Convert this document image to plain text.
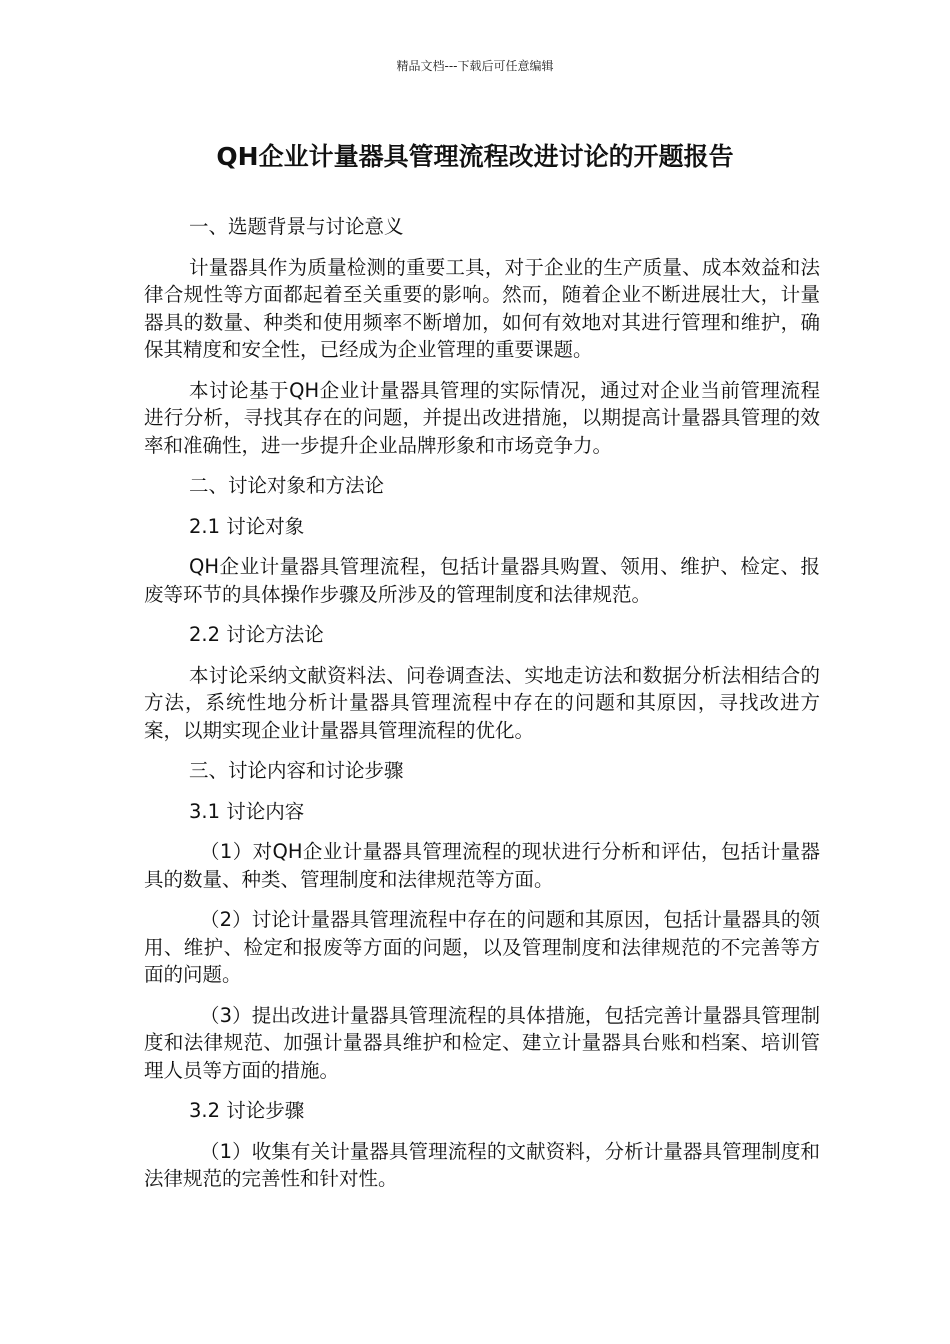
精品文档---下载后可任意编辑
QH企业计量器具管理流程改进讨论的开题报告

一、选题背景与讨论意义

计量器具作为质量检测的重要工具，对于企业的生产质量、成本效益和法律合规性等方面都起着至关重要的影响。然而，随着企业不断进展壮大，计量器具的数量、种类和使用频率不断增加，如何有效地对其进行管理和维护，确保其精度和安全性，已经成为企业管理的重要课题。

本讨论基于QH企业计量器具管理的实际情况，通过对企业当前管理流程进行分析，寻找其存在的问题，并提出改进措施，以期提高计量器具管理的效率和准确性，进一步提升企业品牌形象和市场竞争力。

二、讨论对象和方法论

2.1 讨论对象

QH企业计量器具管理流程，包括计量器具购置、领用、维护、检定、报废等环节的具体操作步骤及所涉及的管理制度和法律规范。

2.2 讨论方法论

本讨论采纳文献资料法、问卷调查法、实地走访法和数据分析法相结合的方法，系统性地分析计量器具管理流程中存在的问题和其原因，寻找改进方案，以期实现企业计量器具管理流程的优化。

三、讨论内容和讨论步骤

3.1 讨论内容

（1）对QH企业计量器具管理流程的现状进行分析和评估，包括计量器具的数量、种类、管理制度和法律规范等方面。

（2）讨论计量器具管理流程中存在的问题和其原因，包括计量器具的领用、维护、检定和报废等方面的问题，以及管理制度和法律规范的不完善等方面的问题。

（3）提出改进计量器具管理流程的具体措施，包括完善计量器具管理制度和法律规范、加强计量器具维护和检定、建立计量器具台账和档案、培训管理人员等方面的措施。

3.2 讨论步骤

（1）收集有关计量器具管理流程的文献资料，分析计量器具管理制度和法律规范的完善性和针对性。
